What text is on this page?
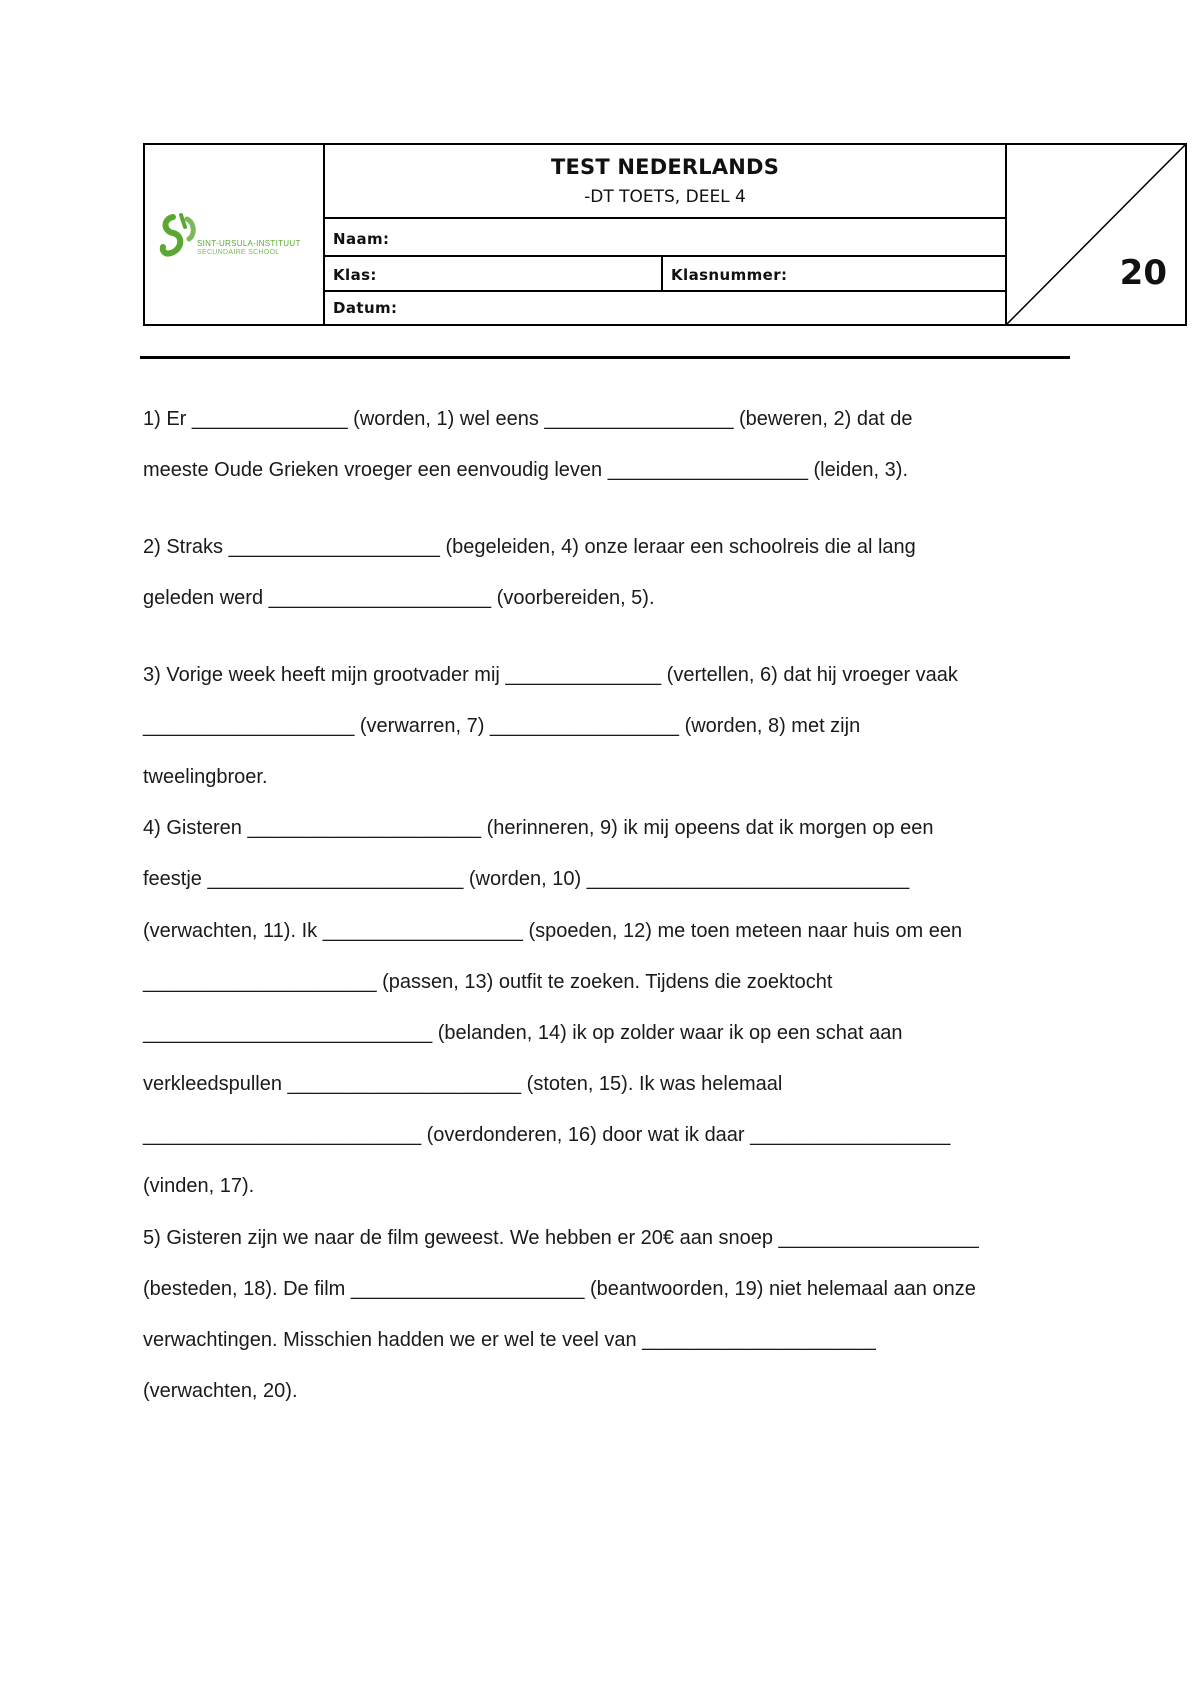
SINT-URSULA-INSTITUUT
SECUNDAIRE SCHOOL
TEST NEDERLANDS
-DT TOETS, DEEL 4
Naam:
Klas:	Klasnummer:
Datum:
20
1) Er ______________ (worden, 1) wel eens _________________ (beweren, 2) dat de
meeste Oude Grieken vroeger een eenvoudig leven __________________ (leiden, 3).
2) Straks ___________________ (begeleiden, 4) onze leraar een schoolreis die al lang
geleden werd ____________________ (voorbereiden, 5).
3) Vorige week heeft mijn grootvader mij ______________ (vertellen, 6) dat hij vroeger vaak
___________________ (verwarren, 7) _________________ (worden, 8) met zijn
tweelingbroer.
4) Gisteren _____________________ (herinneren, 9) ik mij opeens dat ik morgen op een
feestje _______________________ (worden, 10) _____________________________
(verwachten, 11). Ik __________________ (spoeden, 12) me toen meteen naar huis om een
_____________________ (passen, 13) outfit te zoeken. Tijdens die zoektocht
__________________________ (belanden, 14) ik op zolder waar ik op een schat aan
verkleedspullen _____________________ (stoten, 15). Ik was helemaal
_________________________ (overdonderen, 16) door wat ik daar __________________
(vinden, 17).
5) Gisteren zijn we naar de film geweest. We hebben er 20€ aan snoep __________________
(besteden, 18). De film _____________________ (beantwoorden, 19) niet helemaal aan onze
verwachtingen. Misschien hadden we er wel te veel van _____________________
(verwachten, 20).
